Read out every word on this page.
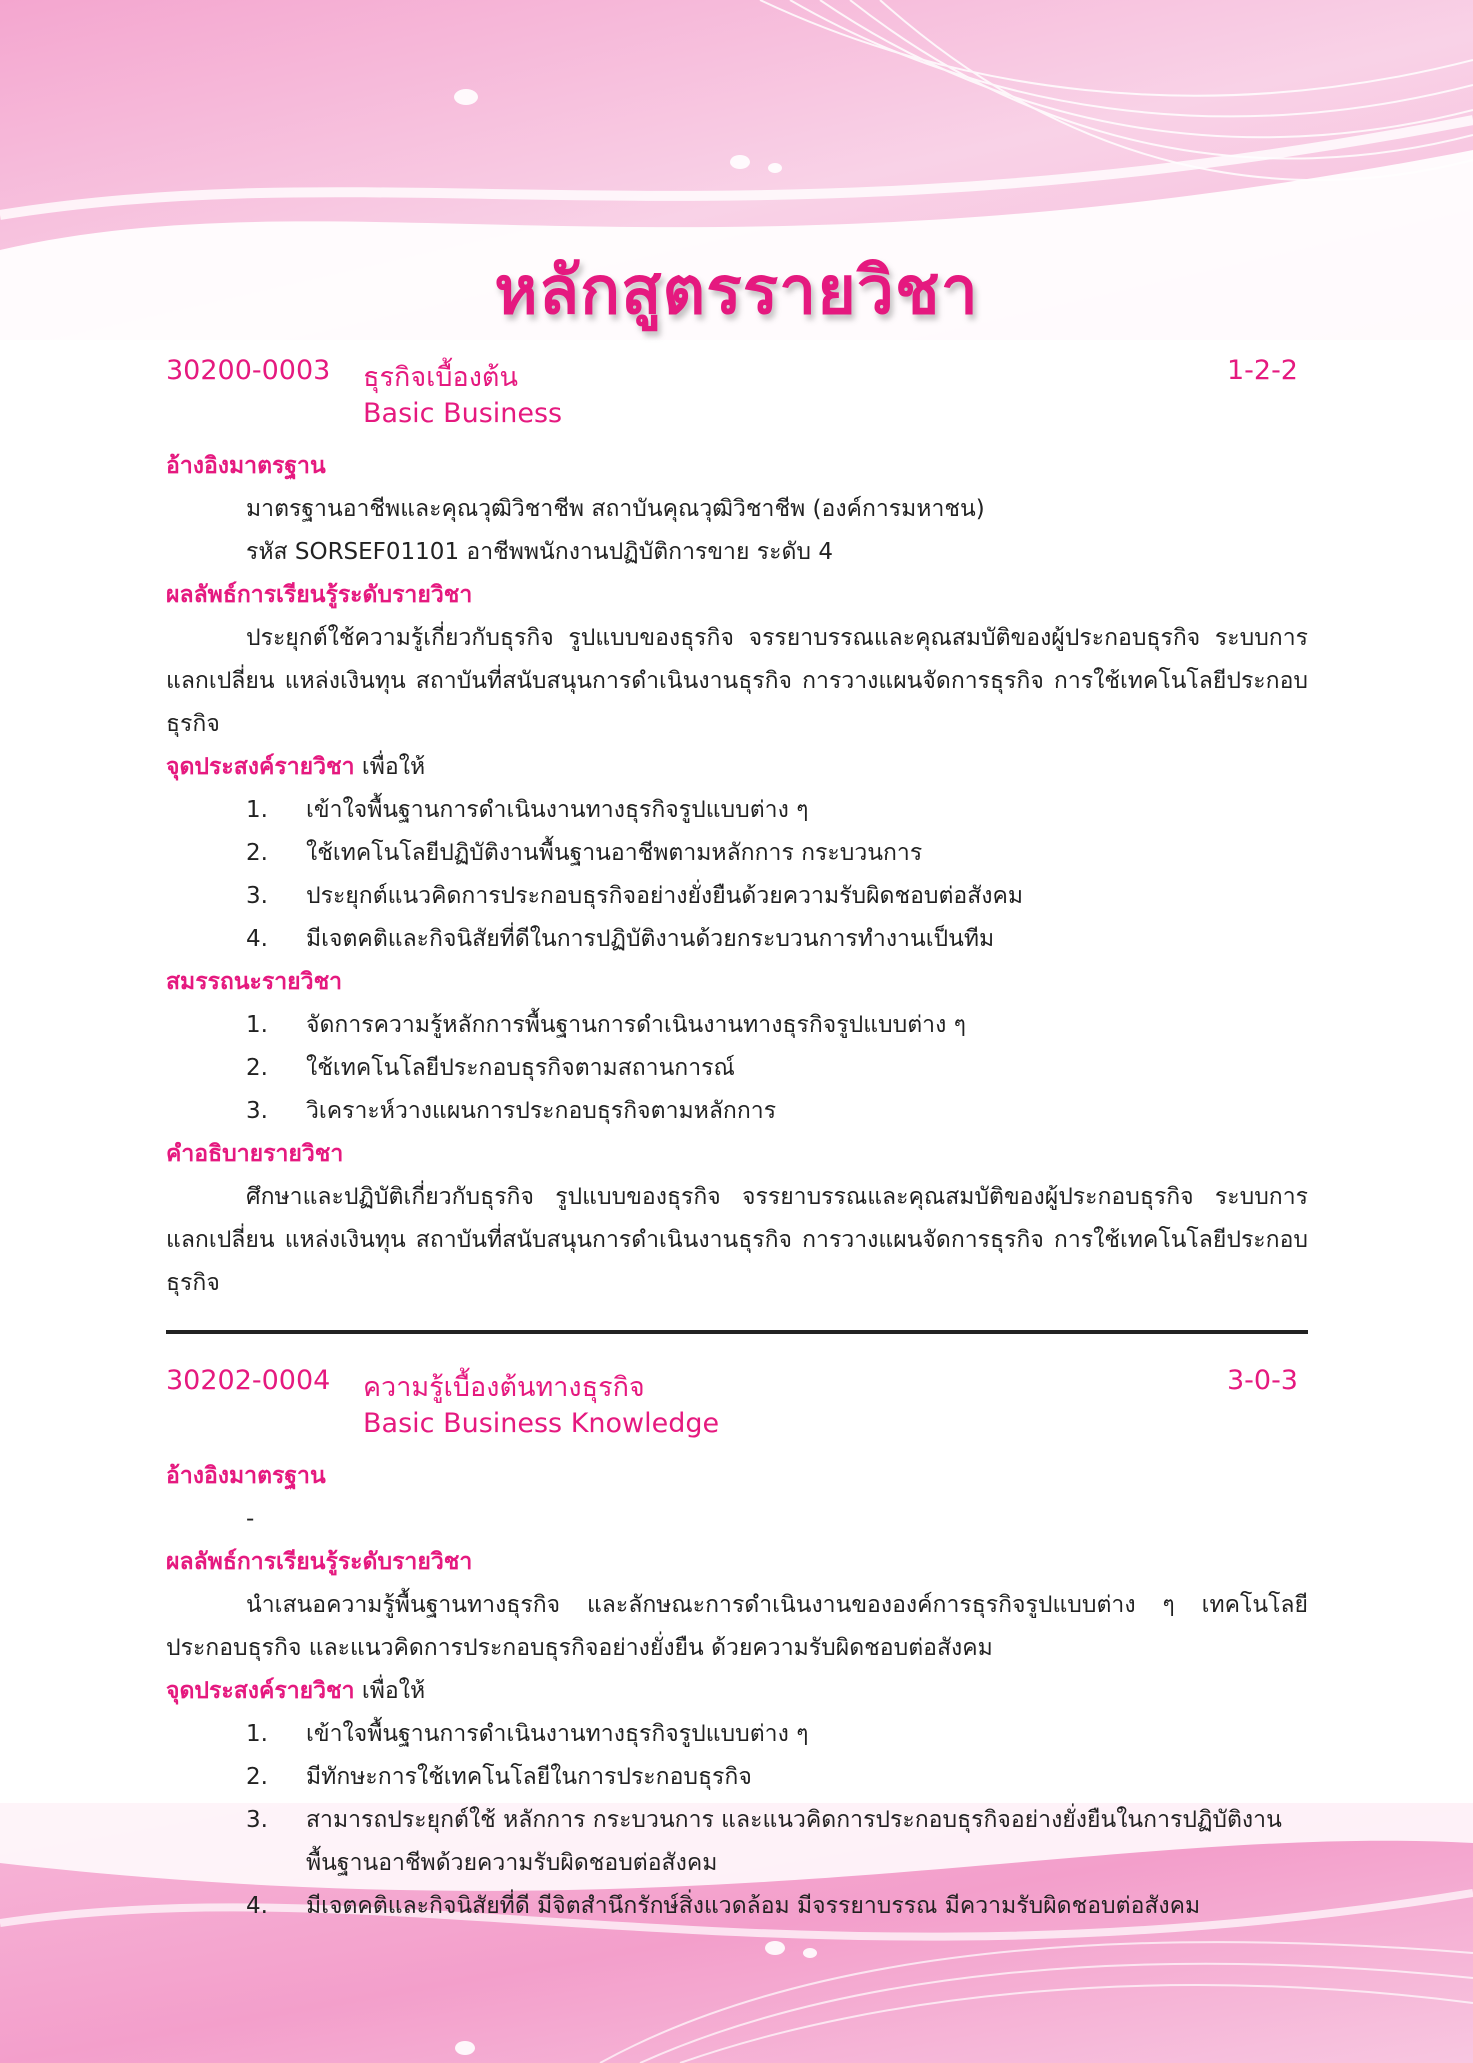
หลักสูตรรายวิชา
30200-0003 ธุรกิจเบื้องต้น
Basic Business
1-2-2
อ้างอิงมาตรฐาน
มาตรฐานอาชีพและคุณวุฒิวิชาชีพ สถาบันคุณวุฒิวิชาชีพ (องค์การมหาชน)
รหัส SORSEF01101 อาชีพพนักงานปฏิบัติการขาย ระดับ 4
ผลลัพธ์การเรียนรู้ระดับรายวิชา

ประยุกต์ใช้ความรู้เกี่ยวกับธุรกิจ รูปแบบของธุรกิจ จรรยาบรรณและคุณสมบัติของผู้ประกอบธุรกิจ ระบบการแลกเปลี่ยน แหล่งเงินทุน สถาบันที่สนับสนุนการดำเนินงานธุรกิจ การวางแผนจัดการธุรกิจ การใช้เทคโนโลยีประกอบธุรกิจ

จุดประสงค์รายวิชา เพื่อให้
1. เข้าใจพื้นฐานการดำเนินงานทางธุรกิจรูปแบบต่าง ๆ
2. ใช้เทคโนโลยีปฏิบัติงานพื้นฐานอาชีพตามหลักการ กระบวนการ
3. ประยุกต์แนวคิดการประกอบธุรกิจอย่างยั่งยืนด้วยความรับผิดชอบต่อสังคม
4. มีเจตคติและกิจนิสัยที่ดีในการปฏิบัติงานด้วยกระบวนการทำงานเป็นทีม
สมรรถนะรายวิชา
1. จัดการความรู้หลักการพื้นฐานการดำเนินงานทางธุรกิจรูปแบบต่าง ๆ
2. ใช้เทคโนโลยีประกอบธุรกิจตามสถานการณ์
3. วิเคราะห์วางแผนการประกอบธุรกิจตามหลักการ
คำอธิบายรายวิชา

ศึกษาและปฏิบัติเกี่ยวกับธุรกิจ รูปแบบของธุรกิจ จรรยาบรรณและคุณสมบัติของผู้ประกอบธุรกิจ ระบบการแลกเปลี่ยน แหล่งเงินทุน สถาบันที่สนับสนุนการดำเนินงานธุรกิจ การวางแผนจัดการธุรกิจ การใช้เทคโนโลยีประกอบธุรกิจ

30202-0004 ความรู้เบื้องต้นทางธุรกิจ
Basic Business Knowledge
3-0-3
อ้างอิงมาตรฐาน
-
ผลลัพธ์การเรียนรู้ระดับรายวิชา

นำเสนอความรู้พื้นฐานทางธุรกิจ และลักษณะการดำเนินงานขององค์การธุรกิจรูปแบบต่าง ๆ เทคโนโลยีประกอบธุรกิจ และแนวคิดการประกอบธุรกิจอย่างยั่งยืน ด้วยความรับผิดชอบต่อสังคม

จุดประสงค์รายวิชา เพื่อให้
1. เข้าใจพื้นฐานการดำเนินงานทางธุรกิจรูปแบบต่าง ๆ
2. มีทักษะการใช้เทคโนโลยีในการประกอบธุรกิจ
3. สามารถประยุกต์ใช้ หลักการ กระบวนการ และแนวคิดการประกอบธุรกิจอย่างยั่งยืนในการปฏิบัติงานพื้นฐานอาชีพด้วยความรับผิดชอบต่อสังคม
4. มีเจตคติและกิจนิสัยที่ดี มีจิตสำนึกรักษ์สิ่งแวดล้อม มีจรรยาบรรณ มีความรับผิดชอบต่อสังคม
